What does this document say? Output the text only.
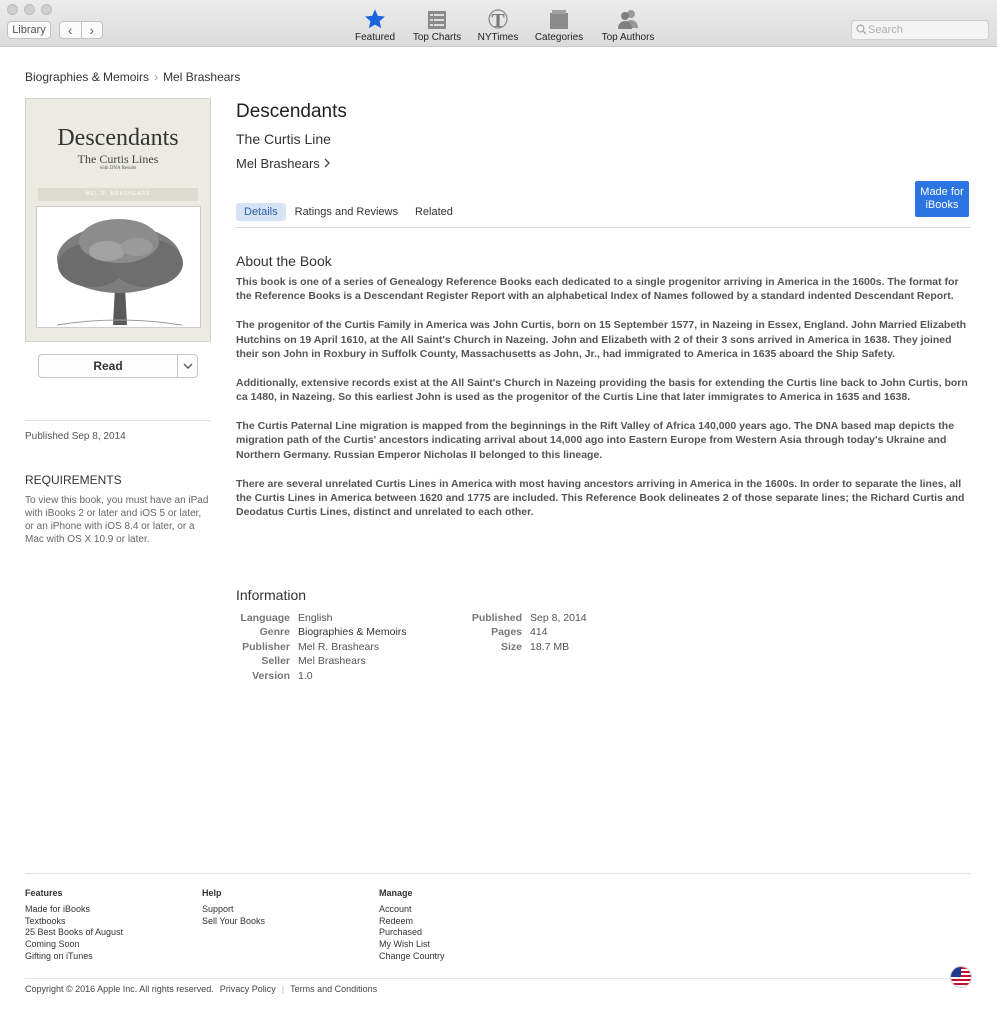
Library	‹	›	Featured Top Charts
T
NYTimes Categories Top Authors
Search
Biographies & Memoirs › Mel Brashears
Descendants
The Curtis Lines
with DNA Results
MEL R. BRASHEARS
Read
Published Sep 8, 2014
REQUIREMENTS
To view this book, you must have an iPad with iBooks 2 or later and iOS 5 or later, or an iPhone with iOS 8.4 or later, or a Mac with OS X 10.9 or later.
Descendants
The Curtis Line
Mel Brashears
Made for iBooks
Details	Ratings and Reviews	Related
About the Book

This book is one of a series of Genealogy Reference Books each dedicated to a single progenitor arriving in America in the 1600s. The format for the Reference Books is a Descendant Register Report with an alphabetical Index of Names followed by a standard indented Descendant Report.

The progenitor of the Curtis Family in America was John Curtis, born on 15 September 1577, in Nazeing in Essex, England. John Married Elizabeth Hutchins on 19 April 1610, at the All Saint's Church in Nazeing. John and Elizabeth with 2 of their 3 sons arrived in America in 1638. They joined their son John in Roxbury in Suffolk County, Massachusetts as John, Jr., had immigrated to America in 1635 aboard the Ship Safety.

Additionally, extensive records exist at the All Saint's Church in Nazeing providing the basis for extending the Curtis line back to John Curtis, born ca 1480, in Nazeing. So this earliest John is used as the progenitor of the Curtis Line that later immigrates to America in 1635 and 1638.

The Curtis Paternal Line migration is mapped from the beginnings in the Rift Valley of Africa 140,000 years ago. The DNA based map depicts the migration path of the Curtis' ancestors indicating arrival about 14,000 ago into Eastern Europe from Western Asia through today's Ukraine and Northern Germany. Russian Emperor Nicholas II belonged to this lineage.

There are several unrelated Curtis Lines in America with most having ancestors arriving in America in the 1600s. In order to separate the lines, all the Curtis Lines in America between 1620 and 1775 are included. This Reference Book delineates 2 of those separate lines; the Richard Curtis and Deodatus Curtis Lines, distinct and unrelated to each other.

Information
Language English
Genre Biographies & Memoirs
Publisher Mel R. Brashears
Seller Mel Brashears
Version 1.0
Published Sep 8, 2014
Pages 414
Size 18.7 MB
Features
Made for iBooks
Textbooks
25 Best Books of August
Coming Soon
Gifting on iTunes
Help
Support
Sell Your Books
Manage
Account
Redeem
Purchased
My Wish List
Change Country
Copyright © 2016 Apple Inc. All rights reserved. Privacy Policy | Terms and Conditions
